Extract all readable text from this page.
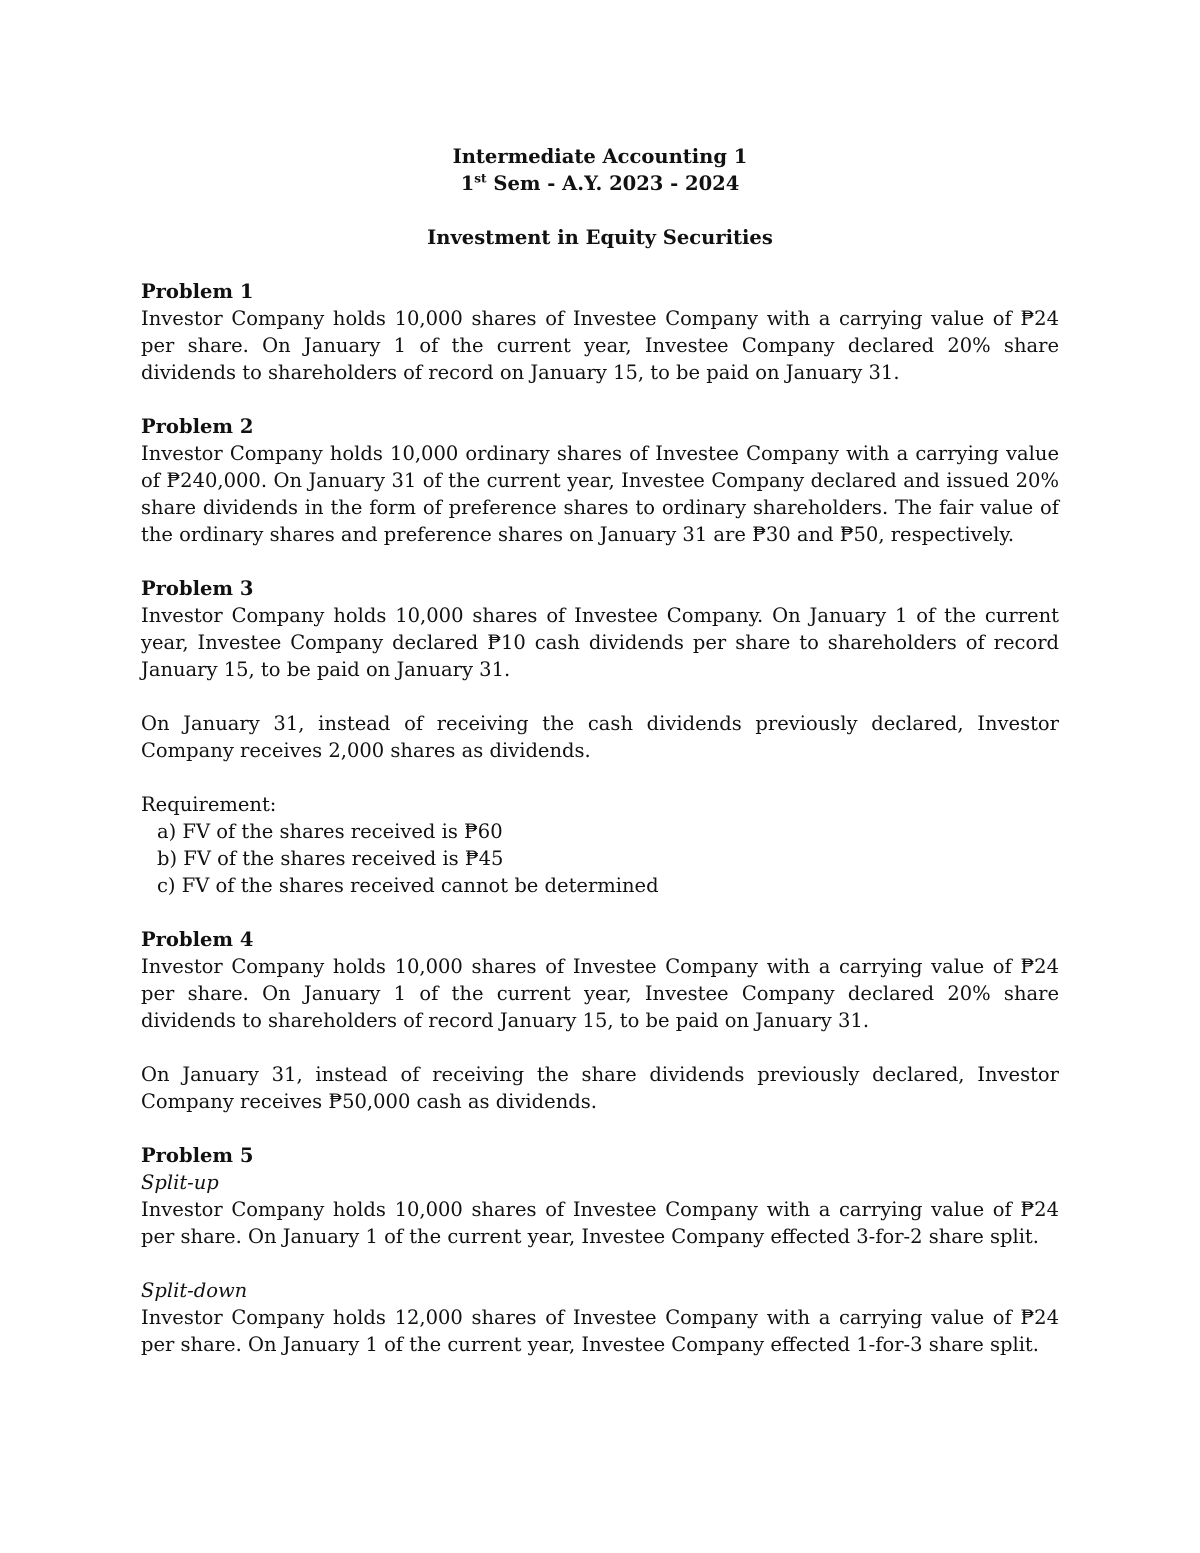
Intermediate Accounting 1
1st Sem - A.Y. 2023 - 2024
Investment in Equity Securities
Problem 1

Investor Company holds 10,000 shares of Investee Company with a carrying value of ₱24 per share. On January 1 of the current year, Investee Company declared 20% share dividends to shareholders of record on January 15, to be paid on January 31.

Problem 2

Investor Company holds 10,000 ordinary shares of Investee Company with a carrying value of ₱240,000. On January 31 of the current year, Investee Company declared and issued 20% share dividends in the form of preference shares to ordinary shareholders. The fair value of the ordinary shares and preference shares on January 31 are ₱30 and ₱50, respectively.

Problem 3

Investor Company holds 10,000 shares of Investee Company. On January 1 of the current year, Investee Company declared ₱10 cash dividends per share to shareholders of record January 15, to be paid on January 31.

On January 31, instead of receiving the cash dividends previously declared, Investor Company receives 2,000 shares as dividends.

Requirement:
a) FV of the shares received is ₱60
b) FV of the shares received is ₱45
c) FV of the shares received cannot be determined
Problem 4

Investor Company holds 10,000 shares of Investee Company with a carrying value of ₱24 per share. On January 1 of the current year, Investee Company declared 20% share dividends to shareholders of record January 15, to be paid on January 31.

On January 31, instead of receiving the share dividends previously declared, Investor Company receives ₱50,000 cash as dividends.

Problem 5
Split-up

Investor Company holds 10,000 shares of Investee Company with a carrying value of ₱24 per share. On January 1 of the current year, Investee Company effected 3-for-2 share split.

Split-down

Investor Company holds 12,000 shares of Investee Company with a carrying value of ₱24 per share. On January 1 of the current year, Investee Company effected 1-for-3 share split.
